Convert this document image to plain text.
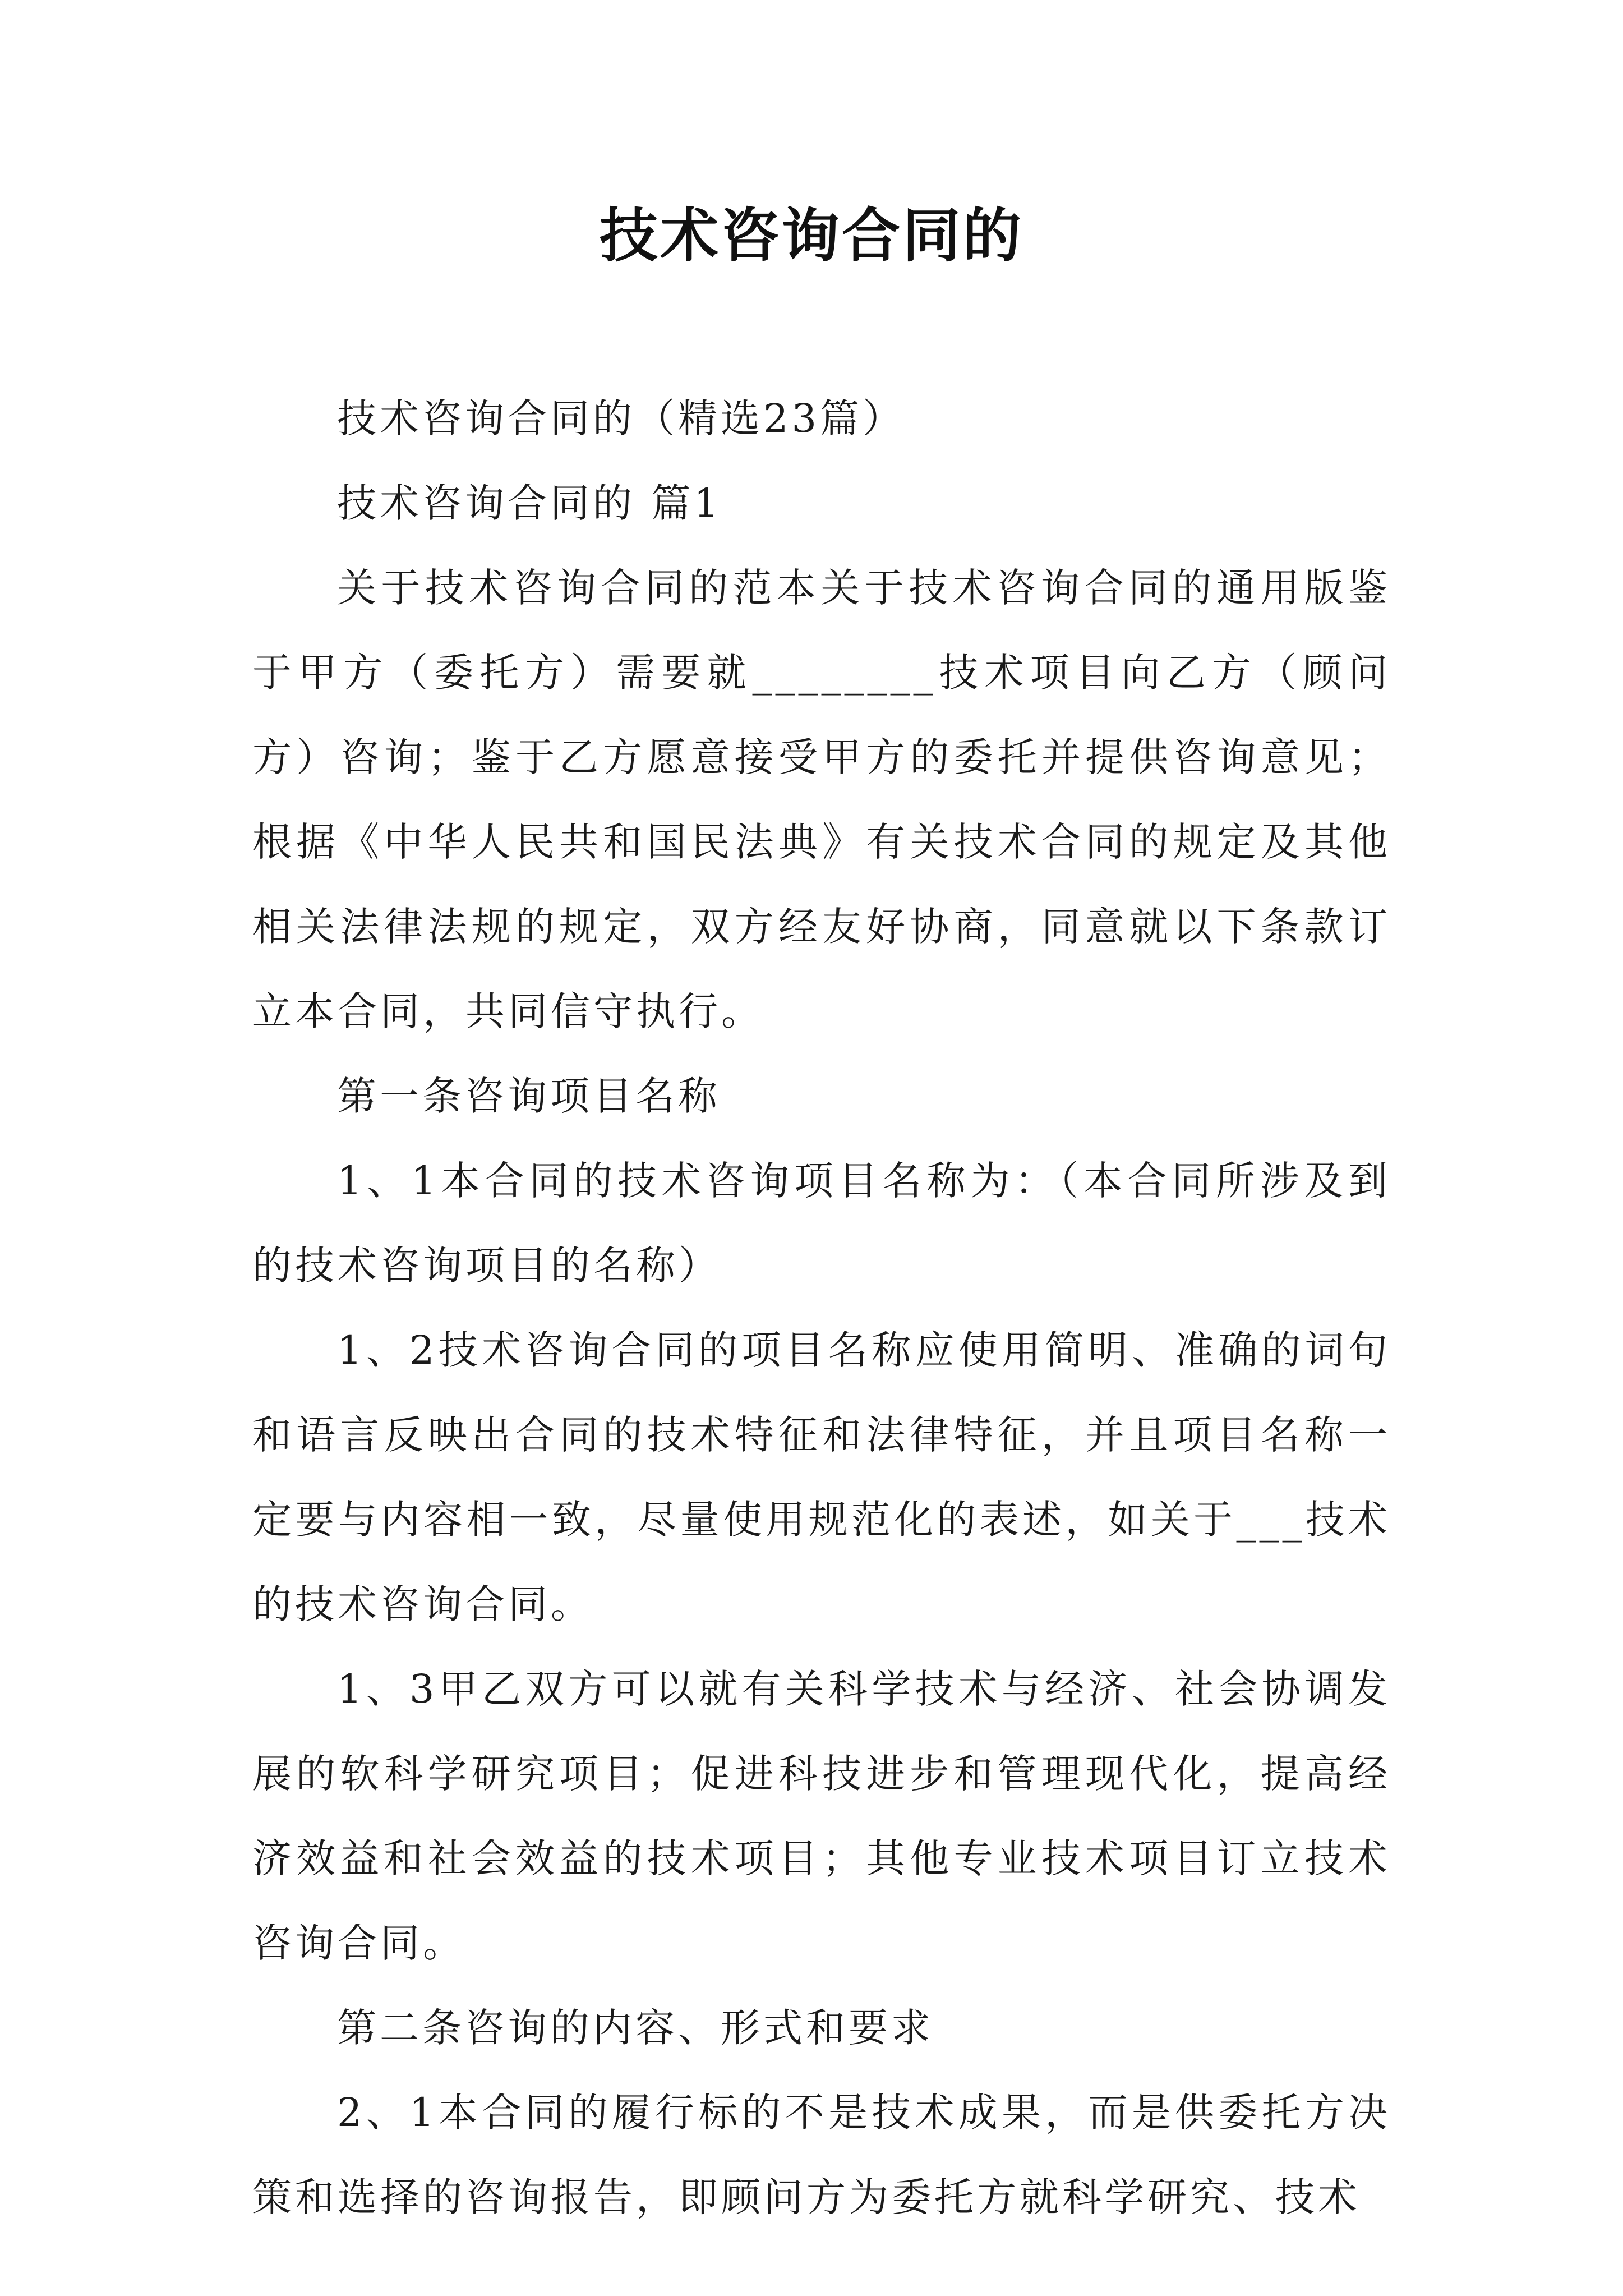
技术咨询合同的

技术咨询合同的（精选23篇）

技术咨询合同的 篇1

关于技术咨询合同的范本关于技术咨询合同的通用版鉴于甲方（委托方）需要就________技术项目向乙方（顾问方）咨询；鉴于乙方愿意接受甲方的委托并提供咨询意见；根据《中华人民共和国民法典》有关技术合同的规定及其他相关法律法规的规定，双方经友好协商，同意就以下条款订立本合同，共同信守执行。

第一条咨询项目名称

1、1本合同的技术咨询项目名称为：（本合同所涉及到的技术咨询项目的名称）

1、2技术咨询合同的项目名称应使用简明、准确的词句和语言反映出合同的技术特征和法律特征，并且项目名称一定要与内容相一致，尽量使用规范化的表述，如关于___技术的技术咨询合同。

1、3甲乙双方可以就有关科学技术与经济、社会协调发展的软科学研究项目；促进科技进步和管理现代化，提高经济效益和社会效益的技术项目；其他专业技术项目订立技术咨询合同。

第二条咨询的内容、形式和要求

2、1本合同的履行标的不是技术成果，而是供委托方决策和选择的咨询报告，即顾问方为委托方就科学研究、技术
